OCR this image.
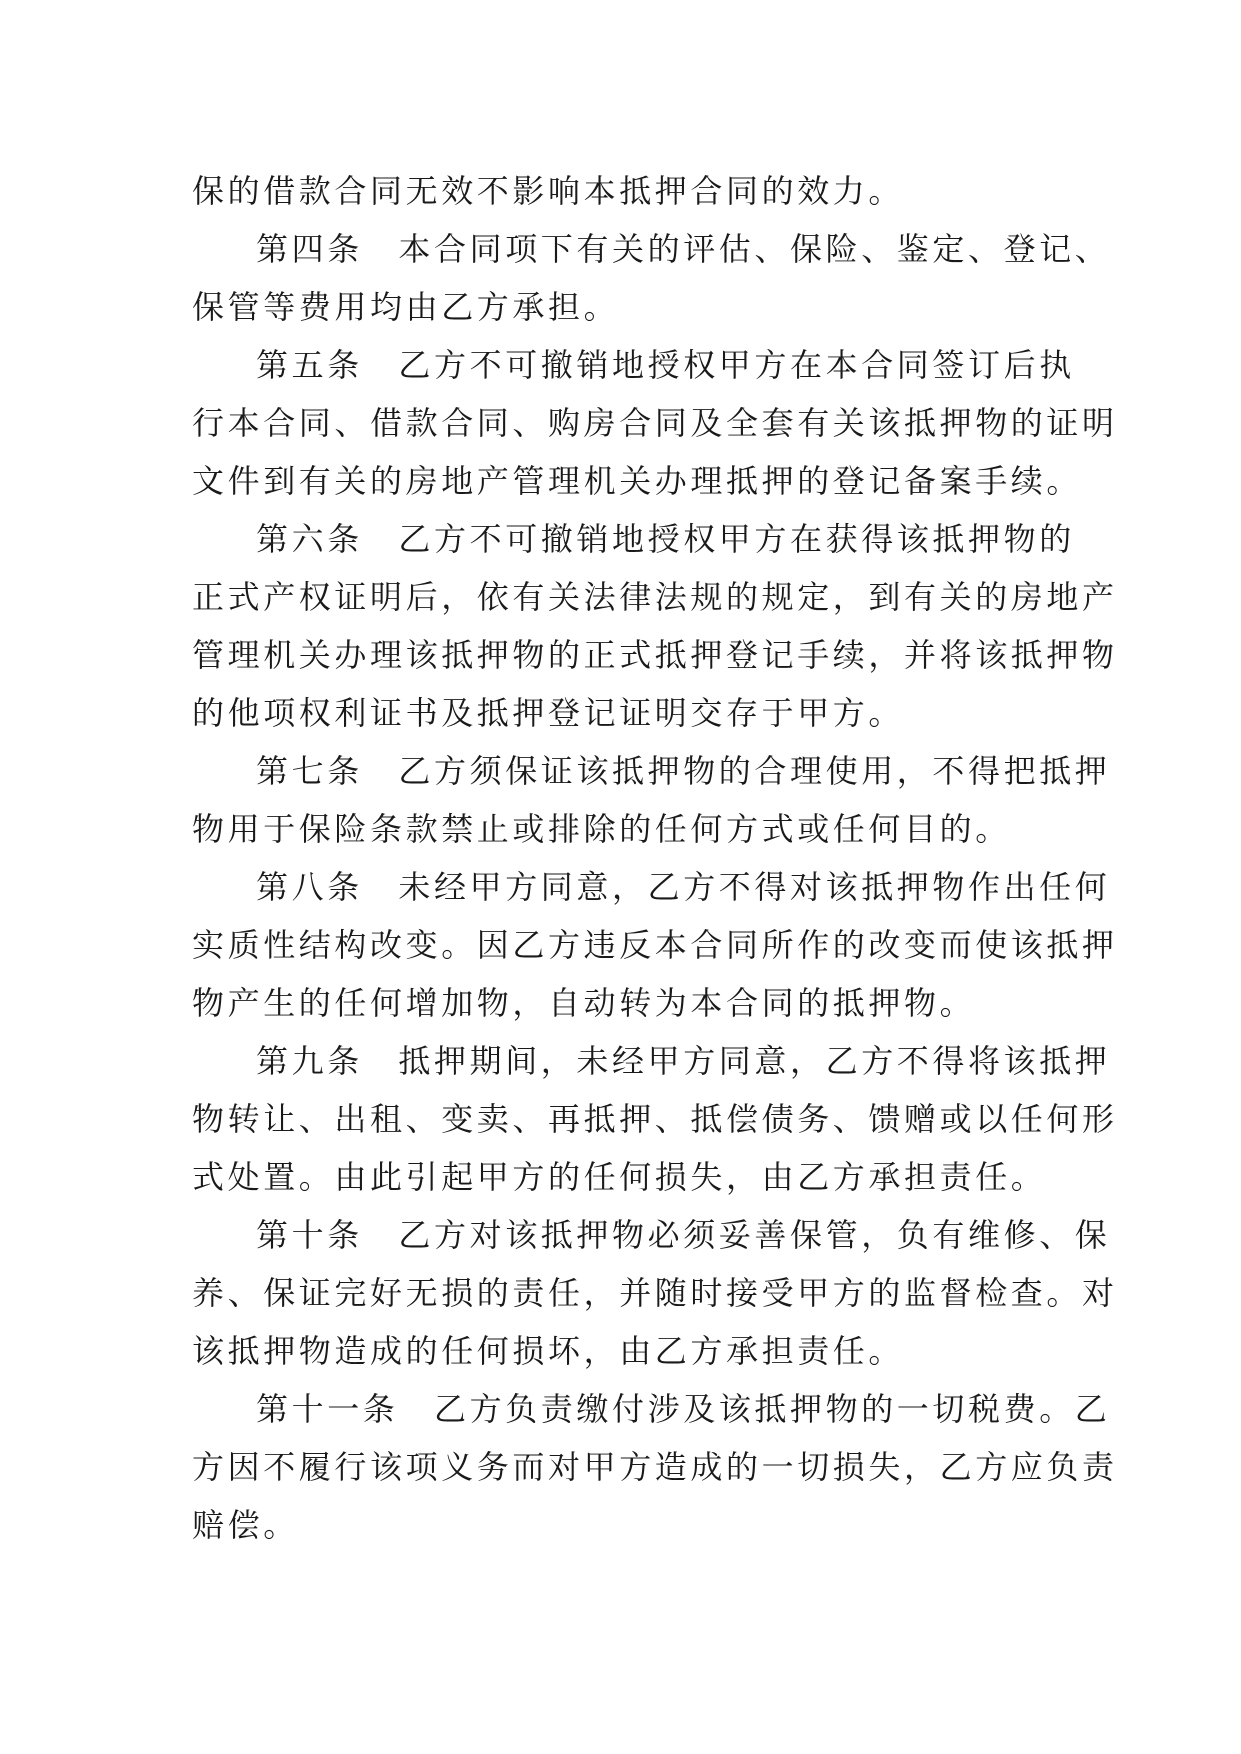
保的借款合同无效不影响本抵押合同的效力。
第四条　本合同项下有关的评估、保险、鉴定、登记、
保管等费用均由乙方承担。
第五条　乙方不可撤销地授权甲方在本合同签订后执
行本合同、借款合同、购房合同及全套有关该抵押物的证明
文件到有关的房地产管理机关办理抵押的登记备案手续。
第六条　乙方不可撤销地授权甲方在获得该抵押物的
正式产权证明后，依有关法律法规的规定，到有关的房地产
管理机关办理该抵押物的正式抵押登记手续，并将该抵押物
的他项权利证书及抵押登记证明交存于甲方。
第七条　乙方须保证该抵押物的合理使用，不得把抵押
物用于保险条款禁止或排除的任何方式或任何目的。
第八条　未经甲方同意，乙方不得对该抵押物作出任何
实质性结构改变。因乙方违反本合同所作的改变而使该抵押
物产生的任何增加物，自动转为本合同的抵押物。
第九条　抵押期间，未经甲方同意，乙方不得将该抵押
物转让、出租、变卖、再抵押、抵偿债务、馈赠或以任何形
式处置。由此引起甲方的任何损失，由乙方承担责任。
第十条　乙方对该抵押物必须妥善保管，负有维修、保
养、保证完好无损的责任，并随时接受甲方的监督检查。对
该抵押物造成的任何损坏，由乙方承担责任。
第十一条　乙方负责缴付涉及该抵押物的一切税费。乙
方因不履行该项义务而对甲方造成的一切损失，乙方应负责
赔偿。
